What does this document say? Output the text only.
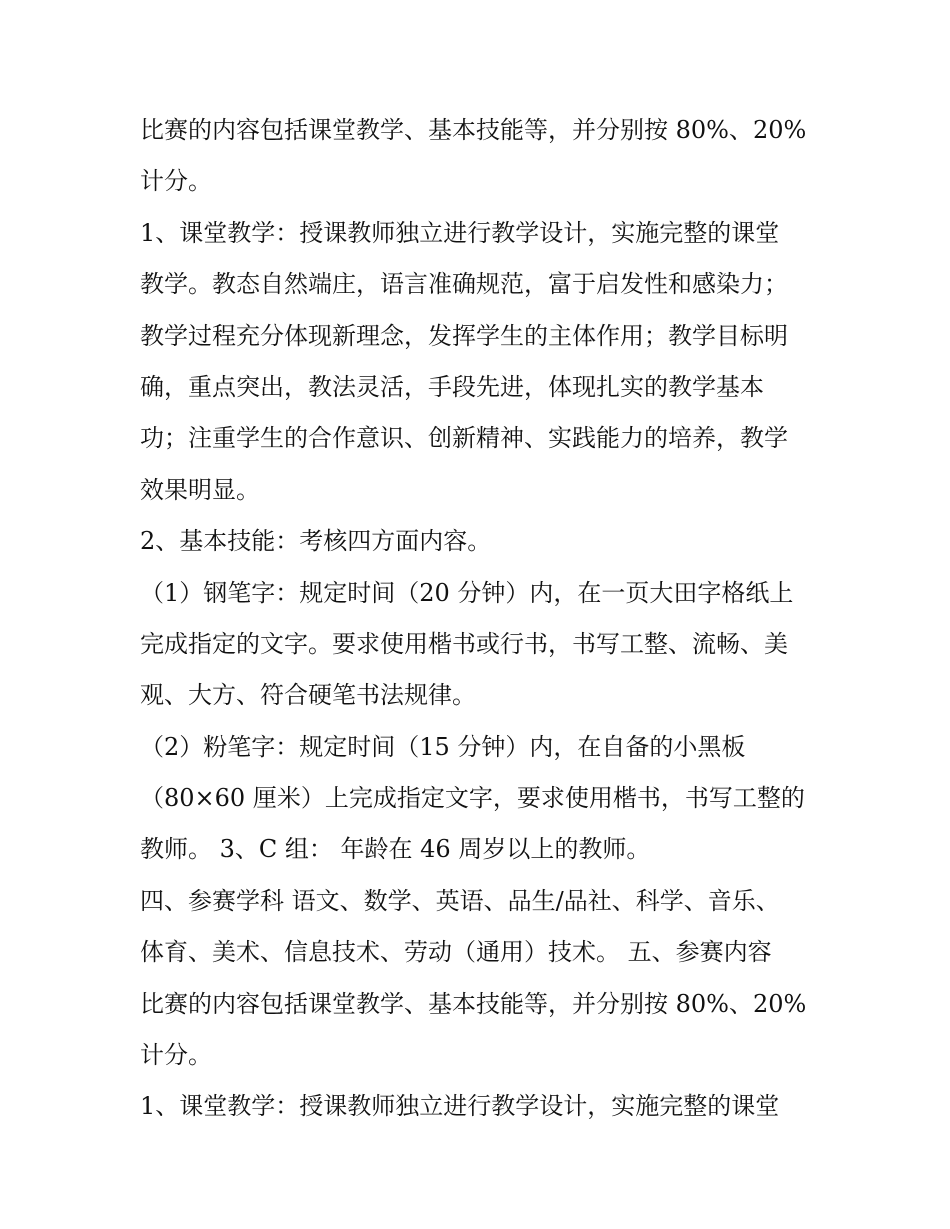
比赛的内容包括课堂教学、基本技能等，并分别按 80%、20%

计分。

1、课堂教学：授课教师独立进行教学设计，实施完整的课堂

教学。教态自然端庄，语言准确规范，富于启发性和感染力；

教学过程充分体现新理念，发挥学生的主体作用；教学目标明

确，重点突出，教法灵活，手段先进，体现扎实的教学基本

功；注重学生的合作意识、创新精神、实践能力的培养，教学

效果明显。

2、基本技能：考核四方面内容。

（1）钢笔字：规定时间（20 分钟）内，在一页大田字格纸上

完成指定的文字。要求使用楷书或行书，书写工整、流畅、美

观、大方、符合硬笔书法规律。

（2）粉笔字：规定时间（15 分钟）内，在自备的小黑板

（80×60 厘米）上完成指定文字，要求使用楷书，书写工整的

教师。 3、C 组： 年龄在 46 周岁以上的教师。

四、参赛学科 语文、数学、英语、品生/品社、科学、音乐、

体育、美术、信息技术、劳动（通用）技术。 五、参赛内容

比赛的内容包括课堂教学、基本技能等，并分别按 80%、20%

计分。

1、课堂教学：授课教师独立进行教学设计，实施完整的课堂
